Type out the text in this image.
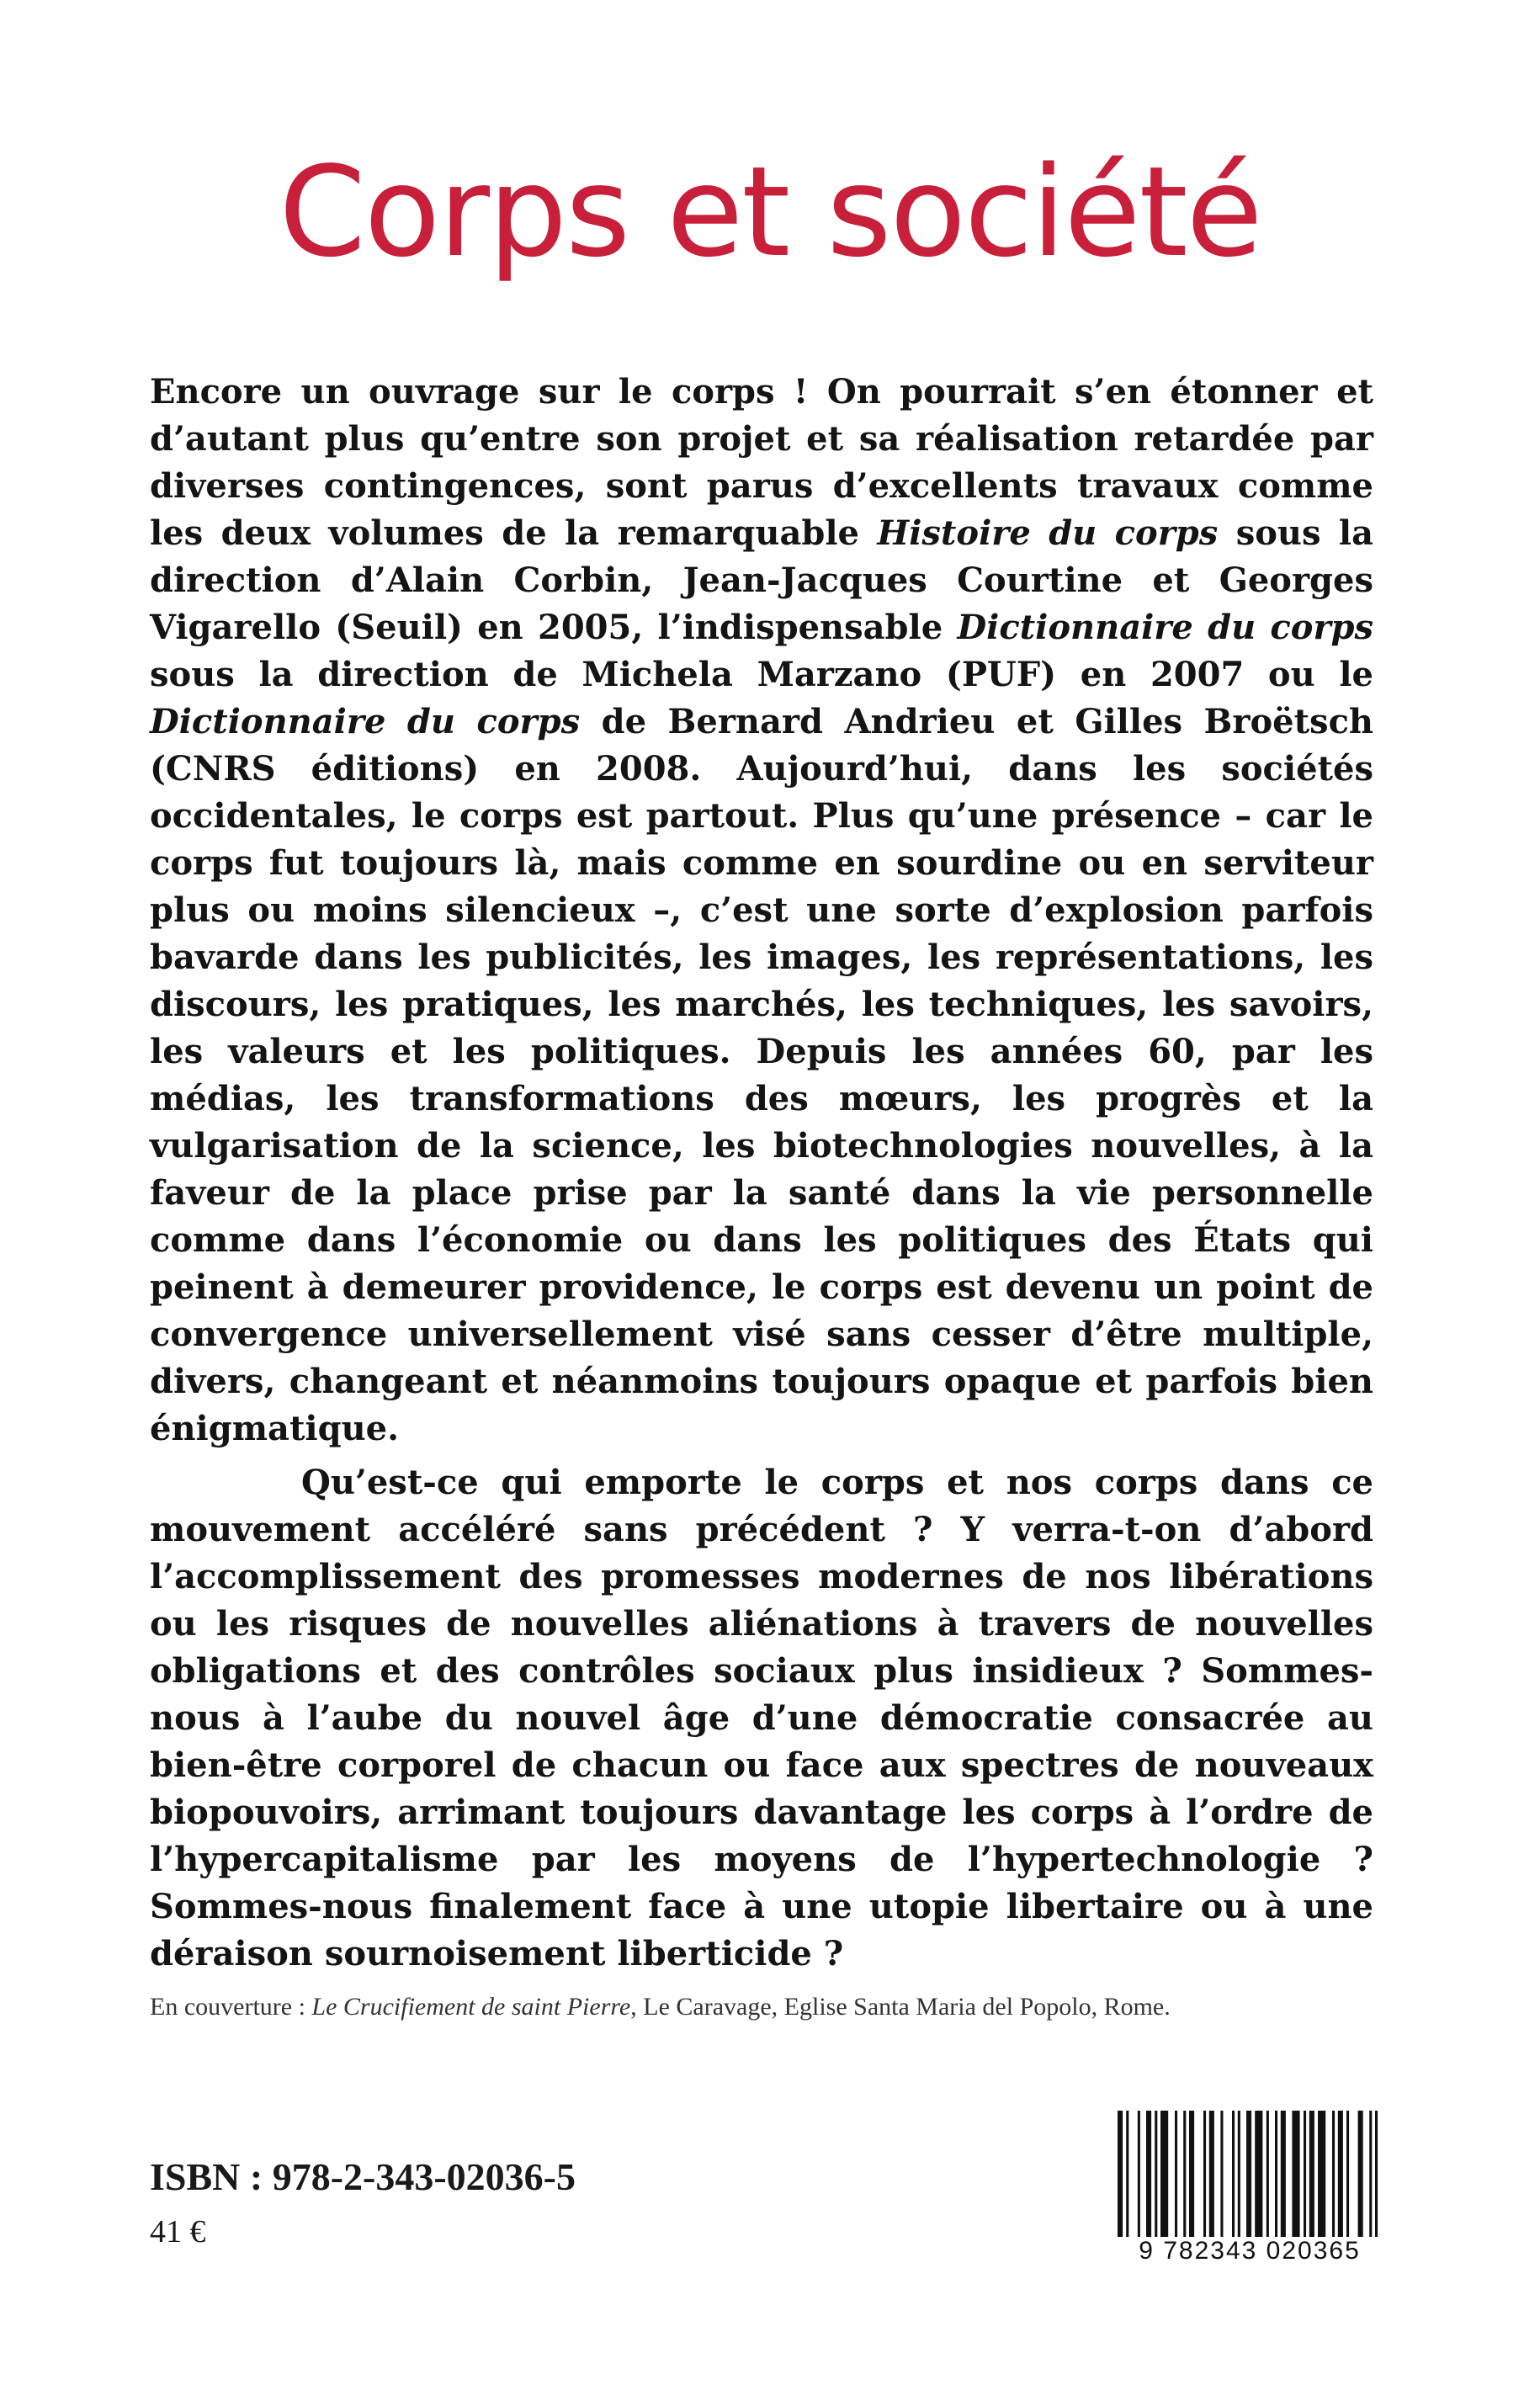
Corps et société

Encore un ouvrage sur le corps ! On pourrait s’en étonner et d’autant plus qu’entre son projet et sa réalisation retardée par diverses contingences, sont parus d’excellents travaux comme les deux volumes de la remarquable Histoire du corps sous la direction d’Alain Corbin, Jean-Jacques Courtine et Georges Vigarello (Seuil) en 2005, l’indispensable Dictionnaire du corps sous la direction de Michela Marzano (PUF) en 2007 ou le Dictionnaire du corps de Bernard Andrieu et Gilles Broëtsch (CNRS éditions) en 2008. Aujourd’hui, dans les sociétés occidentales, le corps est partout. Plus qu’une présence – car le corps fut toujours là, mais comme en sourdine ou en serviteur plus ou moins silencieux –, c’est une sorte d’explosion parfois bavarde dans les publicités, les images, les représentations, les discours, les pratiques, les marchés, les techniques, les savoirs, les valeurs et les politiques. Depuis les années 60, par les médias, les transformations des mœurs, les progrès et la vulgarisation de la science, les biotechnologies nouvelles, à la faveur de la place prise par la santé dans la vie personnelle comme dans l’économie ou dans les politiques des États qui peinent à demeurer providence, le corps est devenu un point de convergence universellement visé sans cesser d’être multiple, divers, changeant et néanmoins toujours opaque et parfois bien énigmatique.

Qu’est-ce qui emporte le corps et nos corps dans ce mouvement accéléré sans précédent ? Y verra-t-on d’abord l’accomplissement des promesses modernes de nos libérations ou les risques de nouvelles aliénations à travers de nouvelles obligations et des contrôles sociaux plus insidieux ? Sommes-nous à l’aube du nouvel âge d’une démocratie consacrée au bien-être corporel de chacun ou face aux spectres de nouveaux biopouvoirs, arrimant toujours davantage les corps à l’ordre de l’hypercapitalisme par les moyens de l’hypertechnologie ? Sommes-nous finalement face à une utopie libertaire ou à une déraison sournoisement liberticide ?

En couverture : Le Crucifiement de saint Pierre, Le Caravage, Eglise Santa Maria del Popolo, Rome.
ISBN : 978-2-343-02036-5
41 €
9 782343 020365
